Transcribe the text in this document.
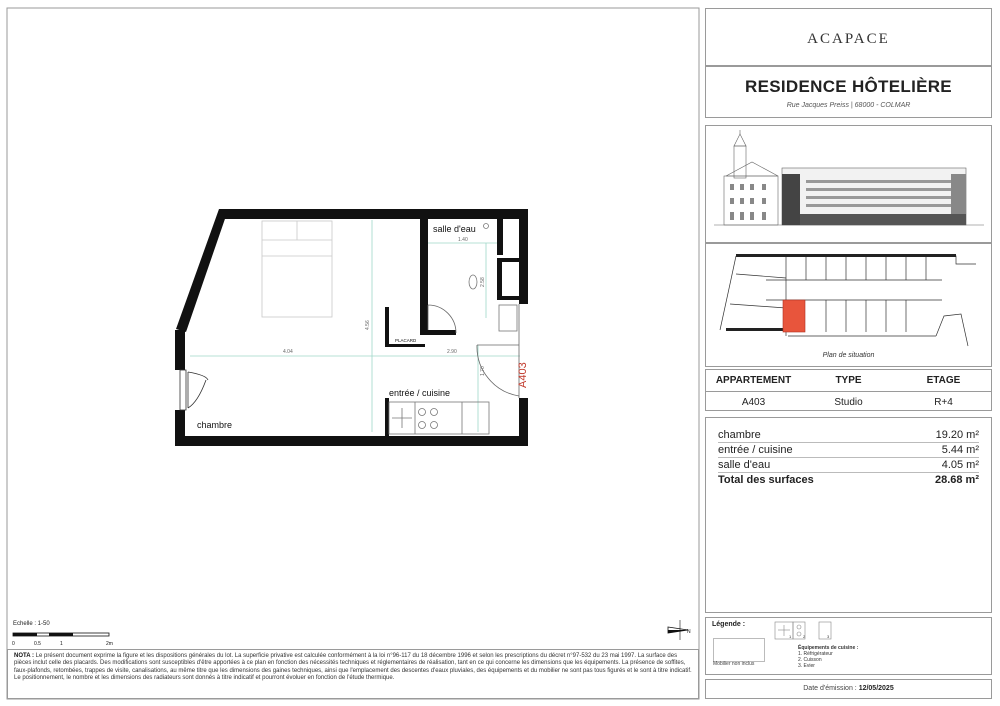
chambre
salle d'eau
entrée / cuisine
PLACARD
A403
4.04	2.90
1.40
4.56
2.58
1.70
0	0.5	1	2m
N
Echelle : 1-50
NOTA : Le présent document exprime la figure et les dispositions générales du lot. La superficie privative est calculée conformément à la loi n°96-117 du 18 décembre 1996 et selon les prescriptions du décret n°97-532 du 23 mai 1997. La surface des pièces inclut celle des placards. Des modifications sont susceptibles d'être apportées à ce plan en fonction des nécessités techniques et réglementaires de réalisation, tant en ce qui concerne les dimensions que les équipements. La présence de soffites, faux-plafonds, retombées, trappes de visite, canalisations, au même titre que les dimensions des gaines techniques, ainsi que l'emplacement des descentes d'eaux pluviales, des équipements et du mobilier ne sont pas tous figurés et le sont à titre indicatif. Le positionnement, le nombre et les dimensions des radiateurs sont donnés à titre indicatif et pourront évoluer en fonction de l'étude thermique.
ACAPACE
RESIDENCE HÔTELIÈRE
Rue Jacques Preiss | 68000 - COLMAR
Plan de situation
APPARTEMENT	TYPE	ETAGE
A403	Studio	R+4
chambre	19.20 m²
entrée / cuisine	5.44 m²
salle d'eau	4.05 m²
Total des surfaces	28.68 m²
Légende :
Mobilier non inclus
1	2	3
Équipements de cuisine :
1. Réfrigérateur
2. Cuisson
3. Evier
Date d'émission : 12/05/2025
